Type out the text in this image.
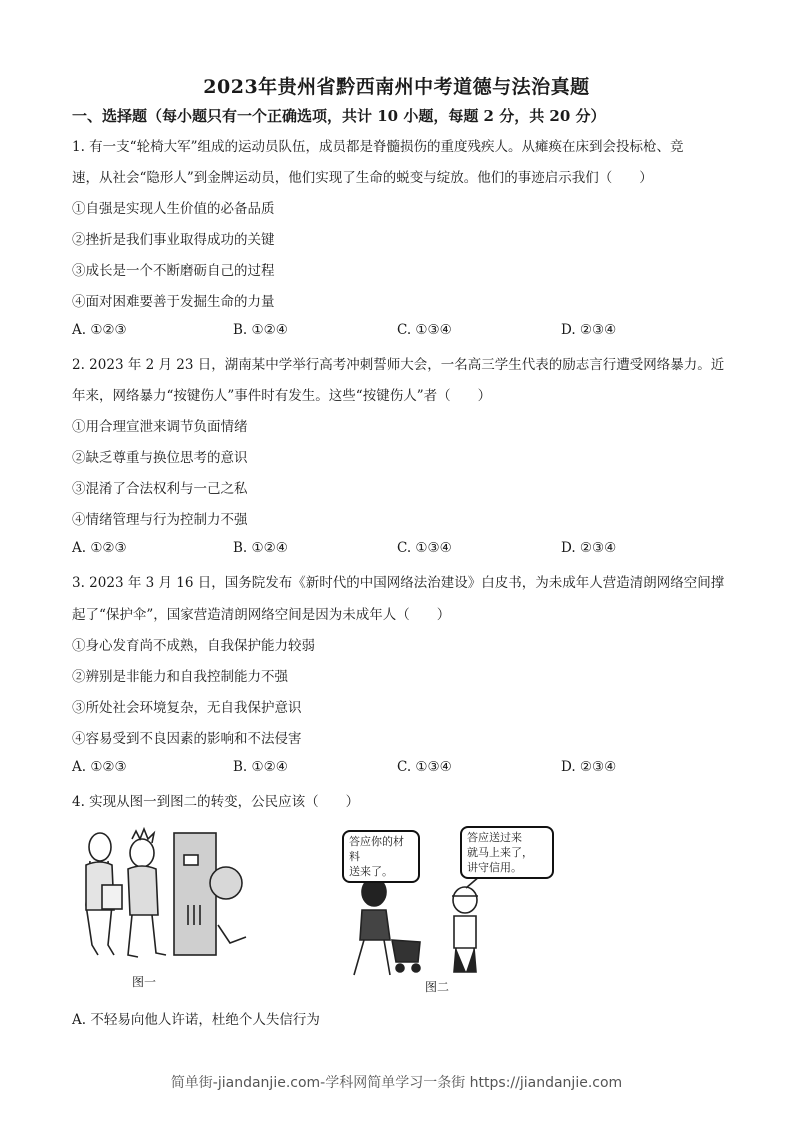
2023年贵州省黔西南州中考道德与法治真题
一、选择题（每小题只有一个正确选项，共计 10 小题，每题 2 分，共 20 分）
1. 有一支“轮椅大军”组成的运动员队伍，成员都是脊髓损伤的重度残疾人。从瘫痪在床到会投标枪、竞
速，从社会“隐形人”到金牌运动员，他们实现了生命的蜕变与绽放。他们的事迹启示我们（　　）
①自强是实现人生价值的必备品质
②挫折是我们事业取得成功的关键
③成长是一个不断磨砺自己的过程
④面对困难要善于发掘生命的力量
A. ①②③	B. ①②④	C. ①③④	D. ②③④
2. 2023 年 2 月 23 日，湖南某中学举行高考冲刺誓师大会，一名高三学生代表的励志言行遭受网络暴力。近
年来，网络暴力“按键伤人”事件时有发生。这些“按键伤人”者（　　）
①用合理宣泄来调节负面情绪
②缺乏尊重与换位思考的意识
③混淆了合法权利与一己之私
④情绪管理与行为控制力不强
A. ①②③	B. ①②④	C. ①③④	D. ②③④
3. 2023 年 3 月 16 日，国务院发布《新时代的中国网络法治建设》白皮书，为未成年人营造清朗网络空间撑
起了“保护伞”，国家营造清朗网络空间是因为未成年人（　　）
①身心发育尚不成熟，自我保护能力较弱
②辨别是非能力和自我控制能力不强
③所处社会环境复杂，无自我保护意识
④容易受到不良因素的影响和不法侵害
A. ①②③	B. ①②④	C. ①③④	D. ②③④
4. 实现从图一到图二的转变，公民应该（　　）
图一
答应你的材料
送来了。
答应送过来
就马上来了，
讲守信用。
图二
A. 不轻易向他人许诺，杜绝个人失信行为
简单街-jiandanjie.com-学科网简单学习一条街 https://jiandanjie.com
